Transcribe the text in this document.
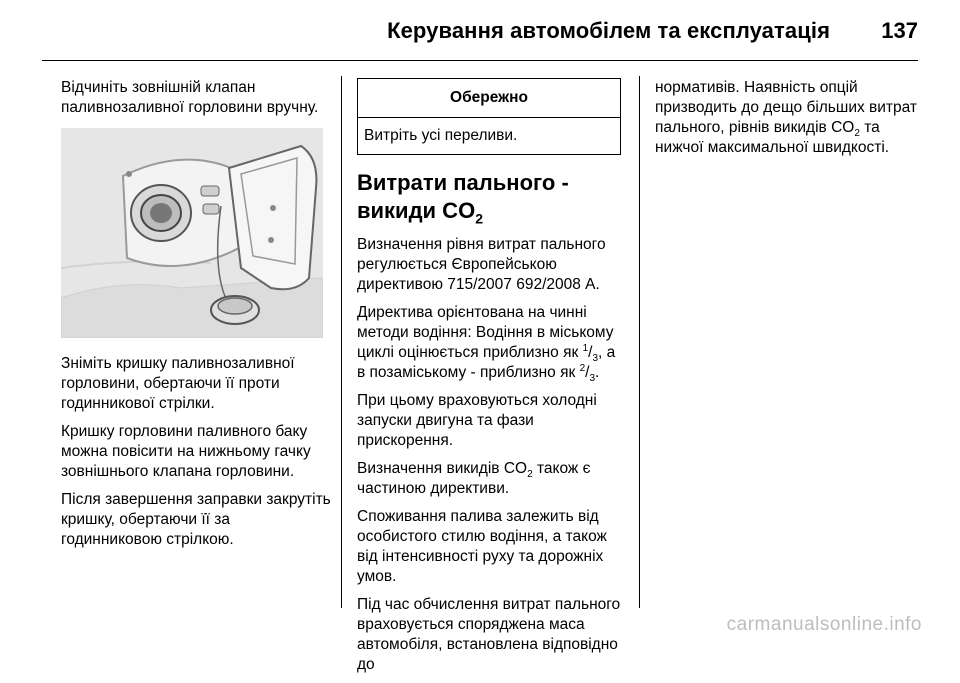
Керування автомобілем та експлуатація 137

Відчиніть зовнішній клапан паливнозаливної горловини вручну.

Зніміть кришку паливнозаливної горловини, обертаючи її проти годинникової стрілки.

Кришку горловини паливного баку можна повісити на нижньому гачку зовнішнього клапана горловини.

Після завершення заправки закрутіть кришку, обертаючи її за годинниковою стрілкою.

Обережно
Витріть усі переливи.
Витрати пального -
викиди $CO_2$

Визначення рівня витрат пального регулюється Європейською директивою 715/2007 692/2008 A.

Директива орієнтована на чинні методи водіння: Водіння в міському циклі оцінюється приблизно як $^1/_3$, а в позаміському - приблизно як $^2/_3$.

При цьому враховуються холодні запуски двигуна та фази прискорення.

Визначення викидів $CO_2$ також є частиною директиви.

Споживання палива залежить від особистого стилю водіння, а також від інтенсивності руху та дорожніх умов.

Під час обчислення витрат пального враховується споряджена маса автомобіля, встановлена відповідно до

нормативів. Наявність опцій призводить до дещо більших витрат пального, рівнів викидів $CO_2$ та нижчої максимальної швидкості.

carmanualsonline.info
